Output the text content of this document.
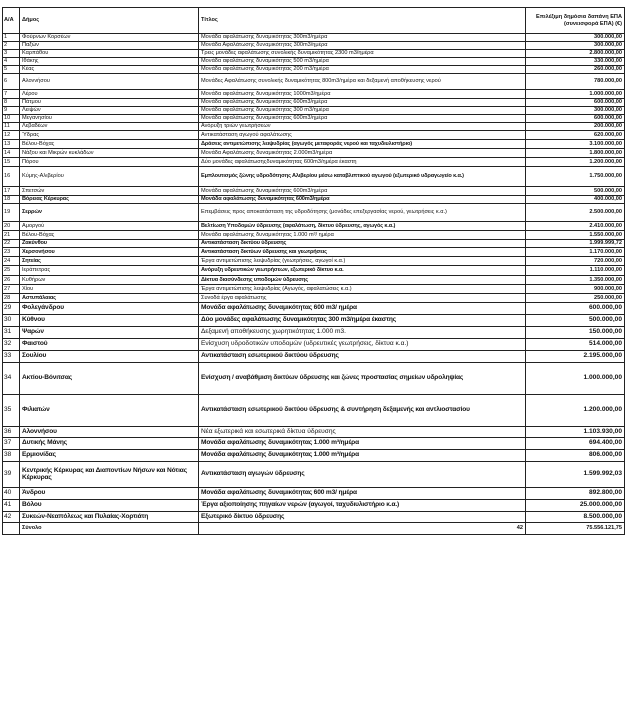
Α/Α	Δήμος	Τίτλος	Επιλέξιμη δημόσια δαπάνη ΕΠΑ (συνεισφορά ΕΠΑ) (€)
1	Φούρνων Κορσέων	Μονάδα αφαλάτωσης δυναμικότητας 300m3/ημέρα	300.000,00
2	Παξών	Μονάδα Αφαλάτωσης δυναμικότητας 300m3/ημέρα	300.000,00
3	Καρπάθου	Τρεις μονάδες αφαλάτωσης συνολικής δυναμικότητας 2300 m3/ημέρα	2.800.000,00
4	Ιθάκης	Μονάδα αφαλάτωσης δυναμικότητας 500 m3/ημέρα	330.000,00
5	Κέας	Μονάδα αφαλάτωσης δυναμικότητας 200 m3/ημέρα	260.000,00
6	Αλοννήσου	Μονάδες Αφαλάτωσης συνολικής δυναμικότητας 800m3/ημέρα και δεξαμενή αποθήκευσης νερού	780.000,00
7	Λέρου	Μονάδα αφαλάτωσης δυναμικότητας 1000m3/ημέρα	1.000.000,00
8	Πάτμου	Μονάδα αφαλάτωσης δυναμικότητας 600m3/ημέρα	600.000,00
9	Λειψών	Μονάδα αφαλάτωσης δυναμικότητας 300 m3/ημέρα	300.000,00
10	Μεγανησίου	Μονάδα αφαλάτωσης δυναμικότητας 600m3/ημέρα	600.000,00
11	Λεβαδέων	Ανόρυξη τριών γεωτρήσεων	200.000,00
12	Ύδρας	Αντικατάσταση αγωγού αφαλάτωσης	620.000,00
13	Βέλου-Βόχας	Δράσεις αντιμετώπισης λειψυδρίας (αγωγός μεταφοράς νερού και ταχυδιυλιστήριο)	3.100.000,00
14	Νάξου και Μικρών κυκλάδων	Μονάδα Αφαλάτωσης δυναμικότητας 2.000m3/ημέρα	1.800.000,00
15	Πόρου	Δύο μονάδες αφαλάτωσηςδυναμικότητας 600m3/ημέρα έκαστη	1.200.000,00
16	Κύμης-Αλιβερίου	Εμπλουτισμός ζώνης υδροδότησης Αλιβερίου μέσω καταβλιπτικού αγωγού (εξωτερικό υδραγωγείο κ.α.)	1.750.000,00
17	Σπετσών	Μονάδα αφαλάτωσης δυναμικότητας 600m3/ημέρα	500.000,00
18	Βόρειας Κέρκυρας	Μονάδα αφαλάτωσης δυναμικότητας 600m3/ημέρα	400.000,00
19	Σερρών	Επεμβάσεις προς αποκατάσταση της υδροδότησης (μονάδες επεξεργασίας νερού, γεωτρήσεις κ.α.)	2.500.000,00
20	Αμοργού	Βελτίωση Υποδομών ύδρευσης (αφαλάτωση, δίκτυο ύδρευσης, αγωγός κ.α.)	2.410.000,00
21	Βέλου-Βόχας	Μονάδα αφαλάτωσης δυναμικότητας 1.000 m³/ ημέρα	1.550.000,00
22	Ζακύνθου	Αντικατάσταση δικτύου ύδρευσης	1.999.999,72
23	Χερσονήσου	Αντικατάσταση δικτύων ύδρευσης και γεωτρήσεις	1.170.000,00
24	Σητείας	Έργα αντιμετώπισης λειψυδρίας (γεωτρήσεις, αγωγοί κ.α.)	720.000,00
25	Ιεράπετρας	Ανόρυξη υδρευτικών γεωτρήσεων, εξωτερικό δίκτυο κ.α.	1.110.000,00
26	Κυθήρων	Δίκτυα διασύνδεσης υποδομών ύδρευσης	1.350.000,00
27	Χίου	Έργα αντιμετώπισης λειψυδρίας (Αγωγός, αφαλατώσεις κ.α.)	900.000,00
28	Αστυπάλαιας	Συνοδά έργα αφαλάτωσης	250.000,00
29	Φολεγάνδρου	Μονάδα αφαλάτωσης δυναμικότητας 600 m3/ ημέρα	600.000,00
30	Κύθνου	Δύο μονάδες αφαλάτωσης δυναμικότητας 300 m3/ημέρα έκαστης	500.000,00
31	Ψαρών	Δεξαμενή αποθήκευσης χωρητικότητας 1.000 m3.	150.000,00
32	Φαιστού	Ενίσχυση υδροδοτικών υποδομών (υδρευτικές γεωτρήσεις, δίκτυα κ.α.)	514.000,00
33	Σουλίου	Αντικατάσταση εσωτερικού δικτύου ύδρευσης	2.195.000,00
34	Ακτίου-Βόνιτσας	Ενίσχυση / αναβάθμιση δικτύων ύδρευσης και ζώνες προστασίας σημείων υδροληψίας	1.000.000,00
35	Φιλιατών	Αντικατάσταση εσωτερικού δικτύου ύδρευσης & συντήρηση δεξαμενής και αντλιοστασίου	1.200.000,00
36	Αλοννήσου	Νέα εξωτερικά και εσωτερικά δίκτυα ύδρευσης	1.103.930,00
37	Δυτικής Μάνης	Μονάδα αφαλάτωσης δυναμικότητας 1.000 m³/ημέρα	694.400,00
38	Ερμιονίδας	Μονάδα αφαλάτωσης δυναμικότητας 1.000 m³/ημέρα	806.000,00
39	Κεντρικής Κέρκυρας και Διαποντίων Νήσων και Νότιας Κέρκυρας	Αντικατάσταση αγωγών ύδρευσης	1.599.992,03
40	Άνδρου	Μονάδα αφαλάτωσης δυναμικότητας 600 m3/ ημέρα	892.800,00
41	Βόλου	Έργα αξιοποίησης πηγαίων νερών (αγωγοί, ταχυδιυλιστήριο κ.α.)	25.000.000,00
42	Συκεών-Νεαπόλεως και Πυλαίας-Χορτιάτη	Εξωτερικό δίκτυο ύδρευσης	8.500.000,00
	Σύνολο	42	75.556.121,75
